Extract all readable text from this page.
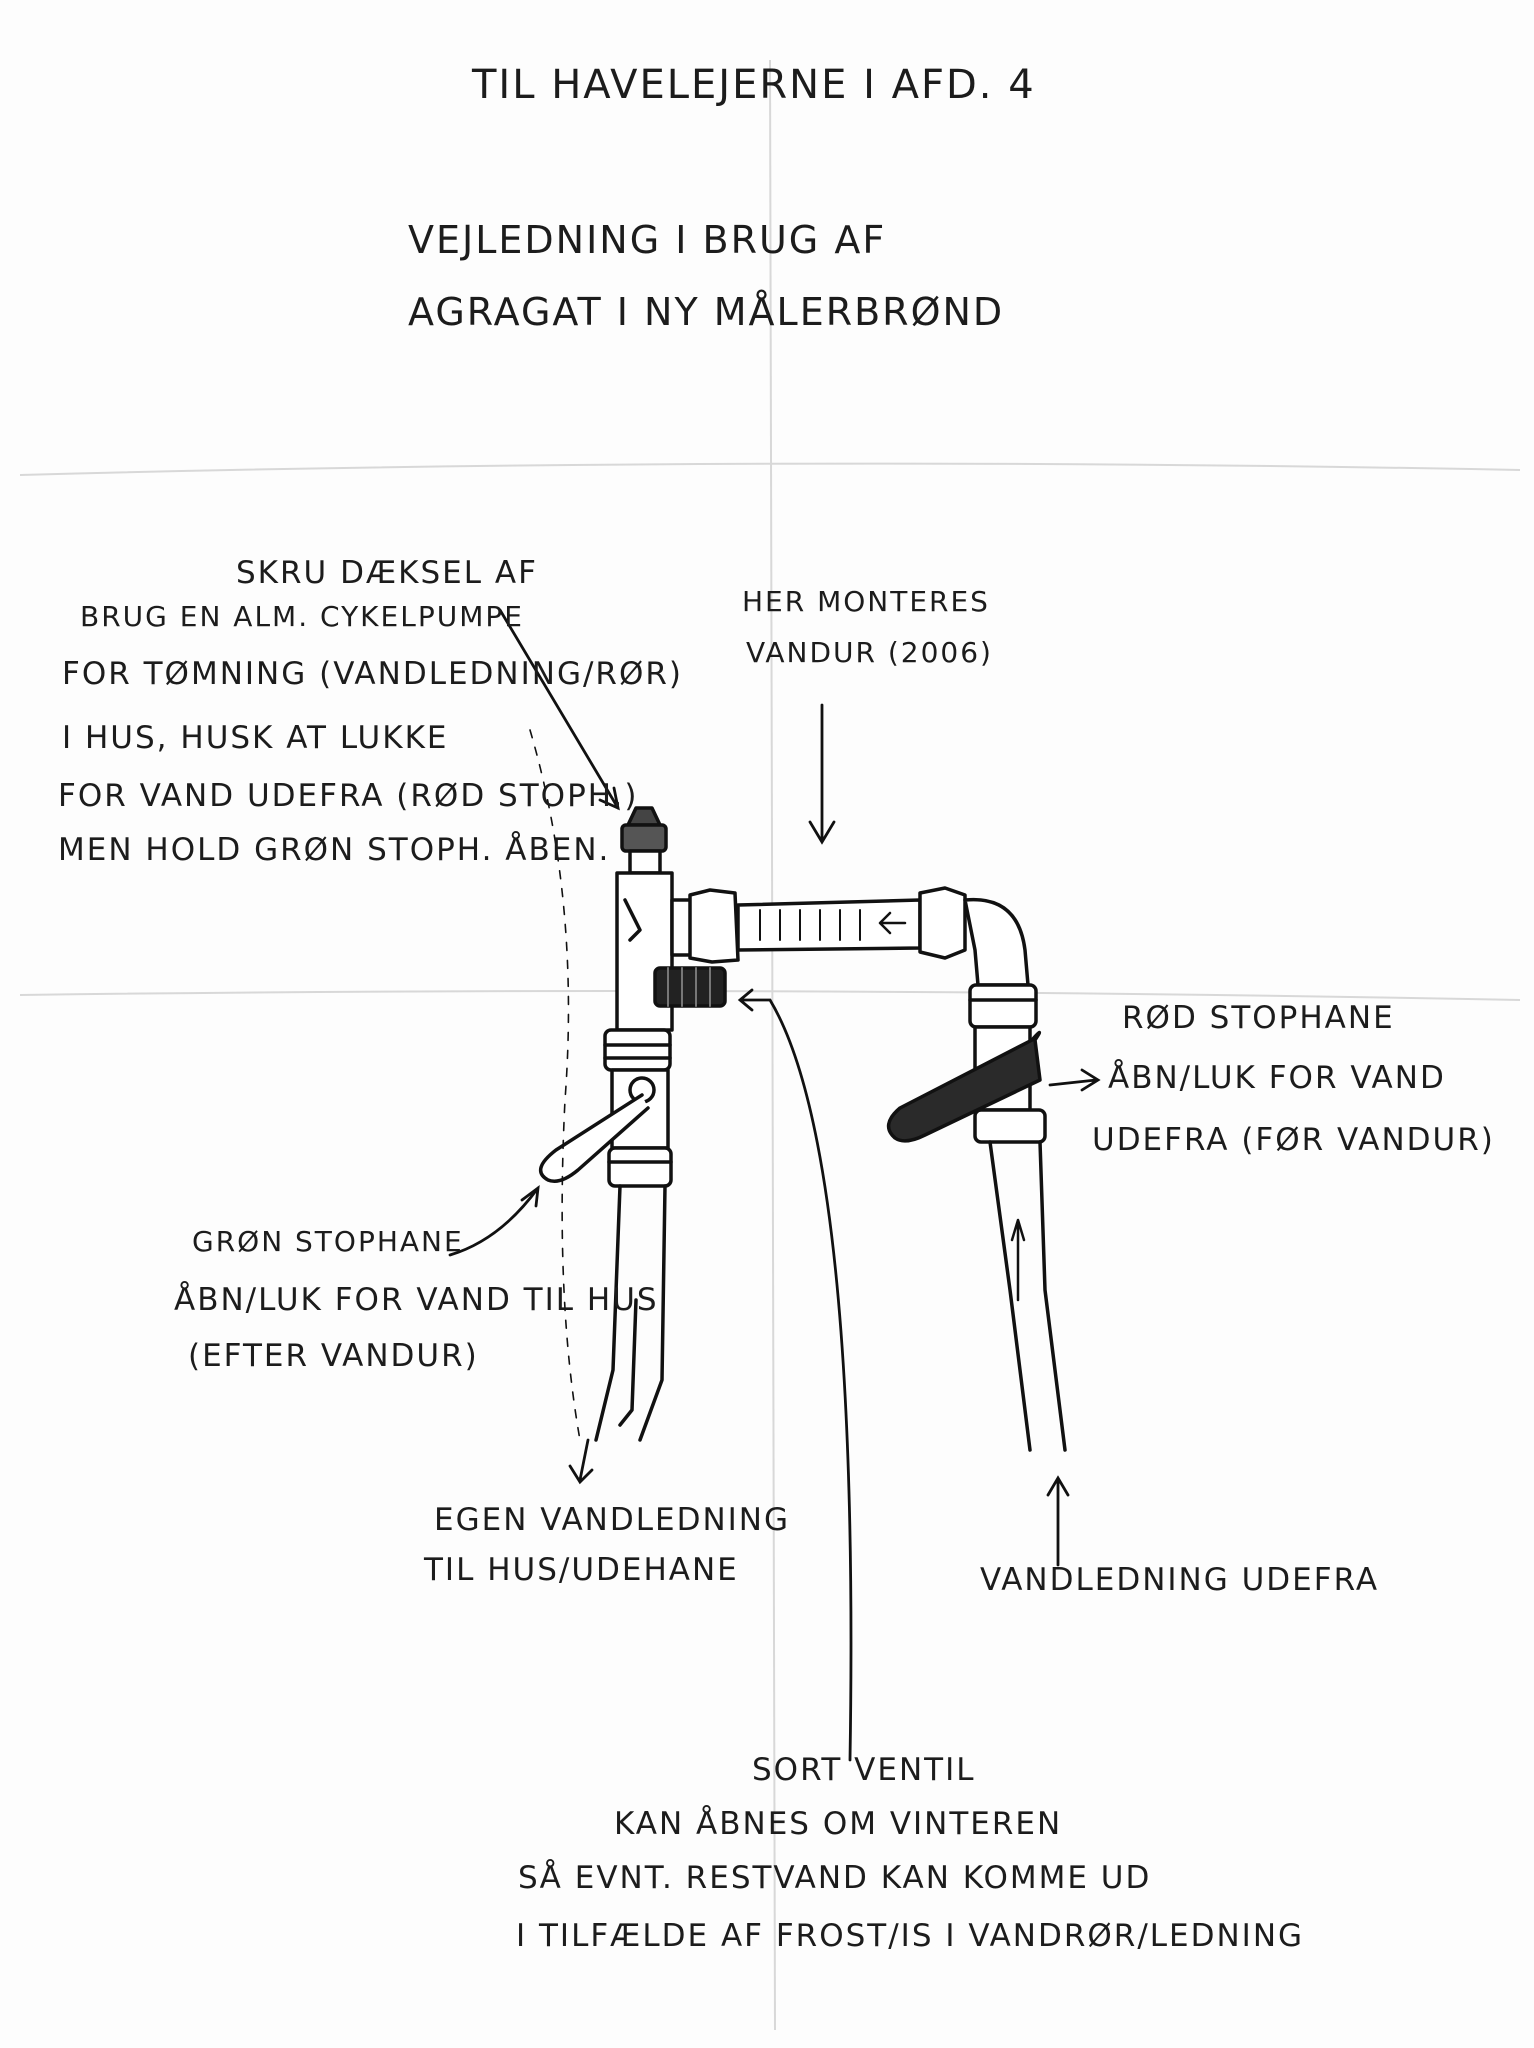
TIL HAVELEJERNE I AFD. 4
VEJLEDNING I BRUG AF
AGRAGAT I NY MÅLERBRØND
SKRU DÆKSEL AF
BRUG EN ALM. CYKELPUMPE
FOR TØMNING (VANDLEDNING/RØR)
I HUS, HUSK AT LUKKE
FOR VAND UDEFRA (RØD STOPH.)
MEN HOLD GRØN STOPH. ÅBEN.
HER MONTERES
VANDUR (2006)
RØD STOPHANE
ÅBN/LUK FOR VAND
UDEFRA (FØR VANDUR)
GRØN STOPHANE
ÅBN/LUK FOR VAND TIL HUS
(EFTER VANDUR)
EGEN VANDLEDNING
TIL HUS/UDEHANE	VANDLEDNING UDEFRA
SORT VENTIL
KAN ÅBNES OM VINTEREN
SÅ EVNT. RESTVAND KAN KOMME UD
I TILFÆLDE AF FROST/IS I VANDRØR/LEDNING
